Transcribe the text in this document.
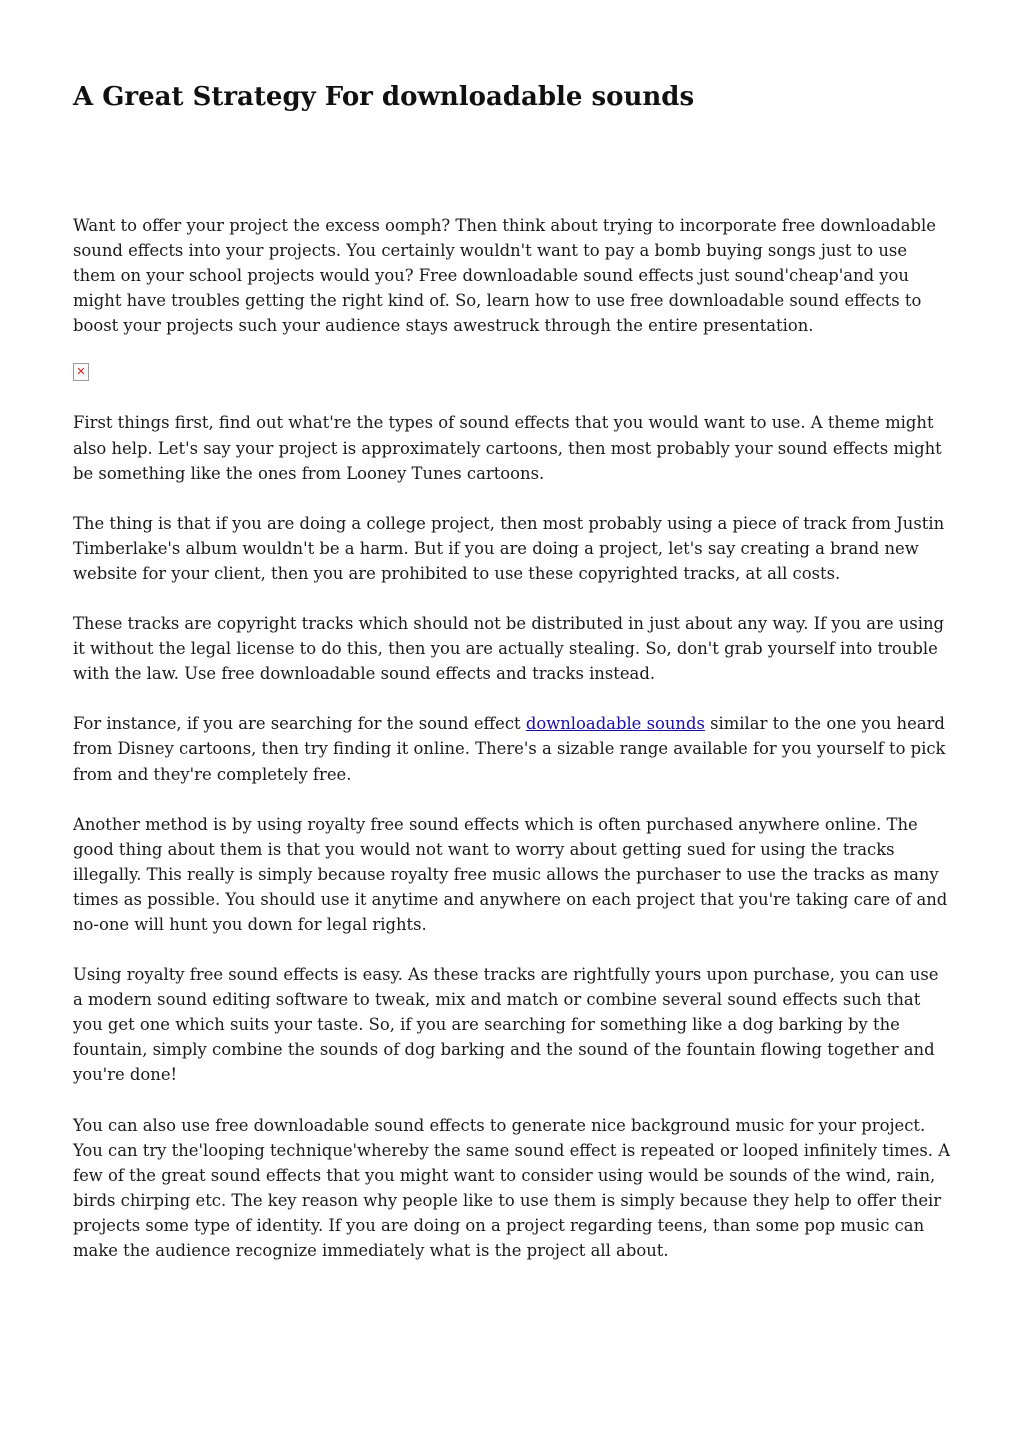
A Great Strategy For downloadable sounds

Want to offer your project the excess oomph? Then think about trying to incorporate free downloadable sound effects into your projects. You certainly wouldn't want to pay a bomb buying songs just to use them on your school projects would you? Free downloadable sound effects just sound'cheap'and you might have troubles getting the right kind of. So, learn how to use free downloadable sound effects to boost your projects such your audience stays awestruck through the entire presentation.

✕

First things first, find out what're the types of sound effects that you would want to use. A theme might also help. Let's say your project is approximately cartoons, then most probably your sound effects might be something like the ones from Looney Tunes cartoons.

The thing is that if you are doing a college project, then most probably using a piece of track from Justin Timberlake's album wouldn't be a harm. But if you are doing a project, let's say creating a brand new website for your client, then you are prohibited to use these copyrighted tracks, at all costs.

These tracks are copyright tracks which should not be distributed in just about any way. If you are using it without the legal license to do this, then you are actually stealing. So, don't grab yourself into trouble with the law. Use free downloadable sound effects and tracks instead.

For instance, if you are searching for the sound effect downloadable sounds similar to the one you heard from Disney cartoons, then try finding it online. There's a sizable range available for you yourself to pick from and they're completely free.

Another method is by using royalty free sound effects which is often purchased anywhere online. The good thing about them is that you would not want to worry about getting sued for using the tracks illegally. This really is simply because royalty free music allows the purchaser to use the tracks as many times as possible. You should use it anytime and anywhere on each project that you're taking care of and no-one will hunt you down for legal rights.

Using royalty free sound effects is easy. As these tracks are rightfully yours upon purchase, you can use a modern sound editing software to tweak, mix and match or combine several sound effects such that you get one which suits your taste. So, if you are searching for something like a dog barking by the fountain, simply combine the sounds of dog barking and the sound of the fountain flowing together and you're done!

You can also use free downloadable sound effects to generate nice background music for your project. You can try the'looping technique'whereby the same sound effect is repeated or looped infinitely times. A few of the great sound effects that you might want to consider using would be sounds of the wind, rain, birds chirping etc. The key reason why people like to use them is simply because they help to offer their projects some type of identity. If you are doing on a project regarding teens, than some pop music can make the audience recognize immediately what is the project all about.
